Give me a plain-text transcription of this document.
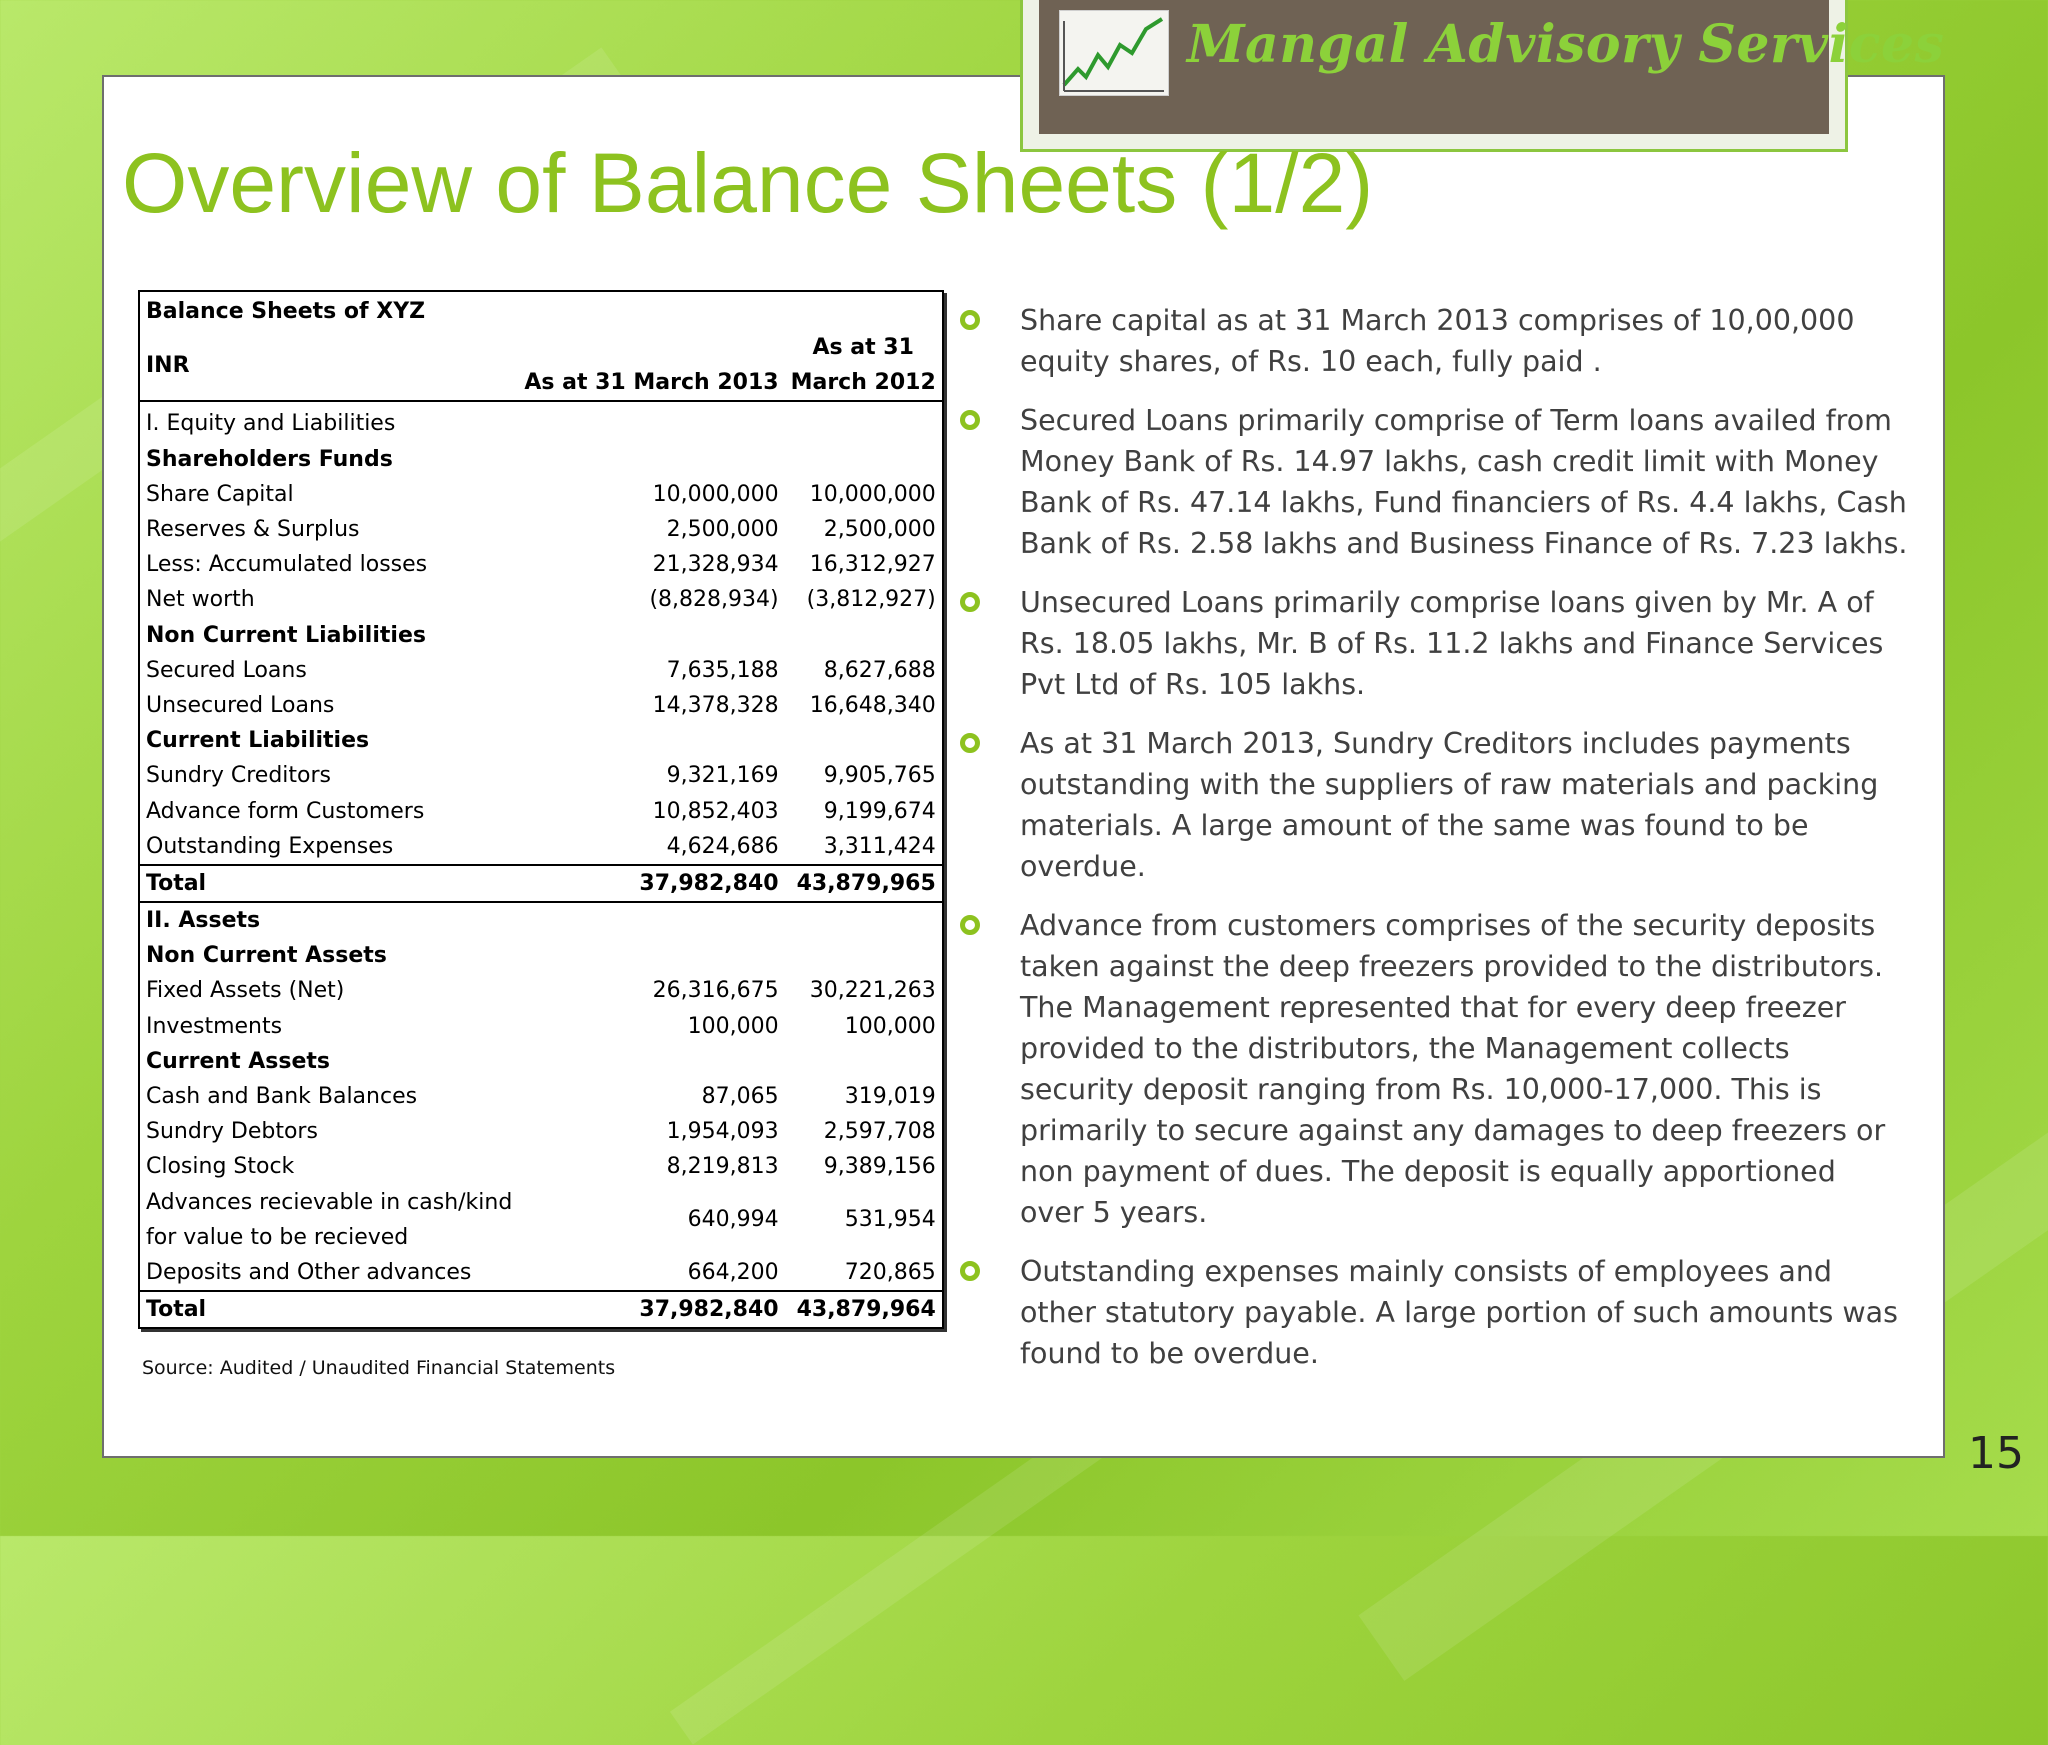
Mangal Advisory Services
Overview of Balance Sheets (1/2)
Balance Sheets of XYZ		
INR		As at 31
	As at 31 March 2013	March 2012
I. Equity and Liabilities		
Shareholders Funds		
Share Capital	10,000,000	10,000,000
Reserves & Surplus	2,500,000	2,500,000
Less: Accumulated losses	21,328,934	16,312,927
Net worth	(8,828,934)	(3,812,927)
Non Current Liabilities		
Secured Loans	7,635,188	8,627,688
Unsecured Loans	14,378,328	16,648,340
Current Liabilities		
Sundry Creditors	9,321,169	9,905,765
Advance form Customers	10,852,403	9,199,674
Outstanding Expenses	4,624,686	3,311,424
Total	37,982,840	43,879,965
II. Assets		
Non Current Assets		
Fixed Assets (Net)	26,316,675	30,221,263
Investments	100,000	100,000
Current Assets		
Cash and Bank Balances	87,065	319,019
Sundry Debtors	1,954,093	2,597,708
Closing Stock	8,219,813	9,389,156
Advances recievable in cash/kind
for value to be recieved	640,994	531,954
Deposits and Other advances	664,200	720,865
Total	37,982,840	43,879,964
Source: Audited / Unaudited Financial Statements
Share capital as at 31 March 2013 comprises of 10,00,000 equity shares, of Rs. 10 each, fully paid .
Secured Loans primarily comprise of Term loans availed from Money Bank of Rs. 14.97 lakhs, cash credit limit with Money Bank of Rs. 47.14 lakhs, Fund financiers of Rs. 4.4 lakhs, Cash Bank of Rs. 2.58 lakhs and Business Finance of Rs. 7.23 lakhs.
Unsecured Loans primarily comprise loans given by Mr. A of Rs. 18.05 lakhs, Mr. B of Rs. 11.2 lakhs and Finance Services Pvt Ltd of Rs. 105 lakhs.
As at 31 March 2013, Sundry Creditors includes payments outstanding with the suppliers of raw materials and packing materials. A large amount of the same was found to be overdue.
Advance from customers comprises of the security deposits taken against the deep freezers provided to the distributors. The Management represented that for every deep freezer provided to the distributors, the Management collects security deposit ranging from Rs. 10,000-17,000. This is primarily to secure against any damages to deep freezers or non payment of dues. The deposit is equally apportioned over 5 years.
Outstanding expenses mainly consists of employees and other statutory payable. A large portion of such amounts was found to be overdue.
15
